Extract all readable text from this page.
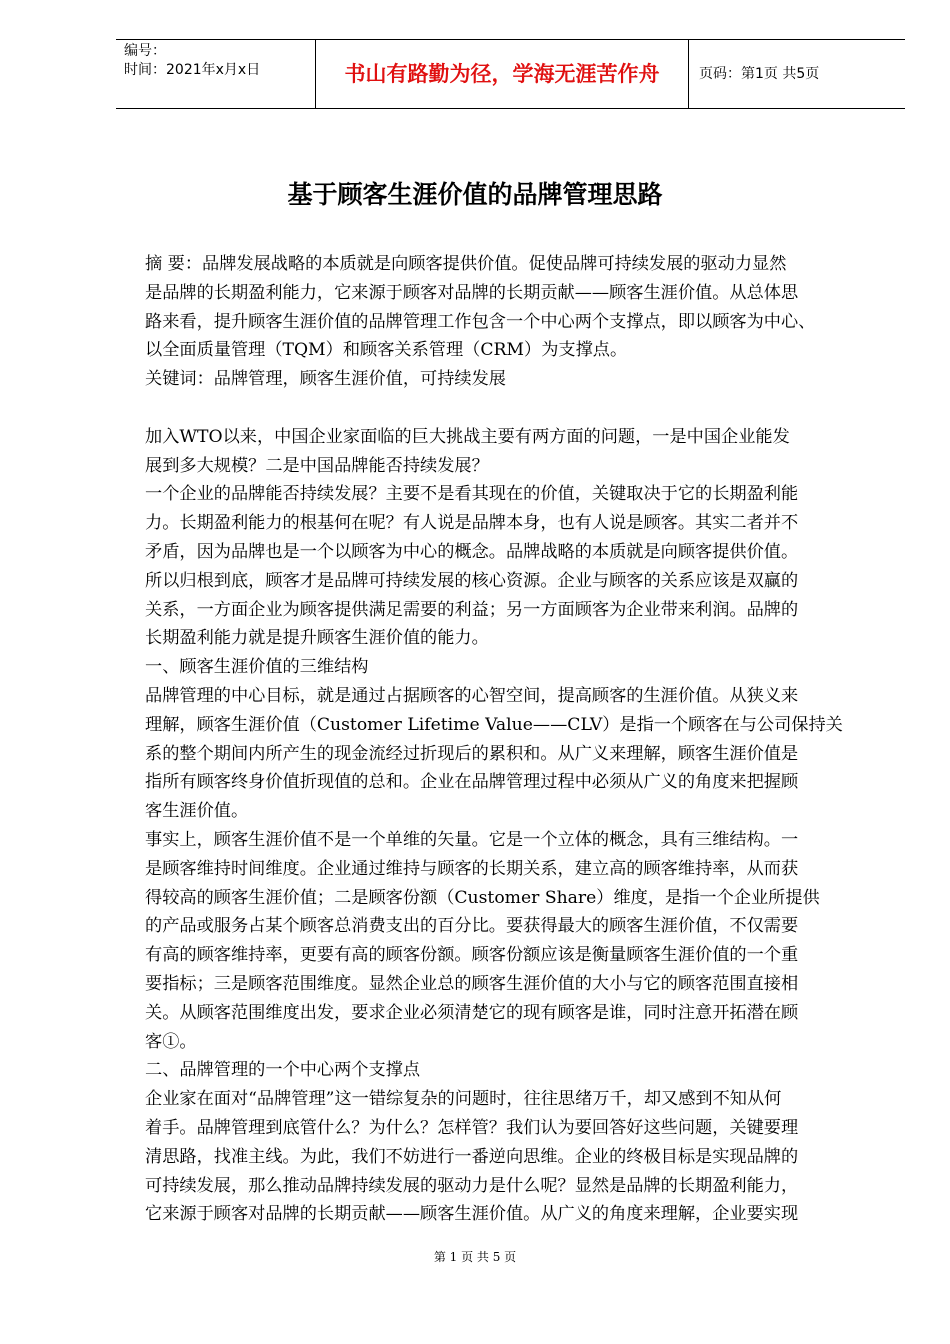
编号：
时间：2021年x月x日	书山有路勤为径，学海无涯苦作舟	页码：第1页 共5页
基于顾客生涯价值的品牌管理思路
摘 要：品牌发展战略的本质就是向顾客提供价值。促使品牌可持续发展的驱动力显然
是品牌的长期盈利能力，它来源于顾客对品牌的长期贡献——顾客生涯价值。从总体思
路来看，提升顾客生涯价值的品牌管理工作包含一个中心两个支撑点，即以顾客为中心、
以全面质量管理（TQM）和顾客关系管理（CRM）为支撑点。
关键词：品牌管理，顾客生涯价值，可持续发展
加入WTO以来，中国企业家面临的巨大挑战主要有两方面的问题，一是中国企业能发
展到多大规模？二是中国品牌能否持续发展？
一个企业的品牌能否持续发展？主要不是看其现在的价值，关键取决于它的长期盈利能
力。长期盈利能力的根基何在呢？有人说是品牌本身，也有人说是顾客。其实二者并不
矛盾，因为品牌也是一个以顾客为中心的概念。品牌战略的本质就是向顾客提供价值。
所以归根到底，顾客才是品牌可持续发展的核心资源。企业与顾客的关系应该是双赢的
关系，一方面企业为顾客提供满足需要的利益；另一方面顾客为企业带来利润。品牌的
长期盈利能力就是提升顾客生涯价值的能力。
一、顾客生涯价值的三维结构
品牌管理的中心目标，就是通过占据顾客的心智空间，提高顾客的生涯价值。从狭义来
理解，顾客生涯价值（Customer Lifetime Value——CLV）是指一个顾客在与公司保持关
系的整个期间内所产生的现金流经过折现后的累积和。从广义来理解，顾客生涯价值是
指所有顾客终身价值折现值的总和。企业在品牌管理过程中必须从广义的角度来把握顾
客生涯价值。
事实上，顾客生涯价值不是一个单维的矢量。它是一个立体的概念，具有三维结构。一
是顾客维持时间维度。企业通过维持与顾客的长期关系，建立高的顾客维持率，从而获
得较高的顾客生涯价值；二是顾客份额（Customer Share）维度，是指一个企业所提供
的产品或服务占某个顾客总消费支出的百分比。要获得最大的顾客生涯价值，不仅需要
有高的顾客维持率，更要有高的顾客份额。顾客份额应该是衡量顾客生涯价值的一个重
要指标；三是顾客范围维度。显然企业总的顾客生涯价值的大小与它的顾客范围直接相
关。从顾客范围维度出发，要求企业必须清楚它的现有顾客是谁，同时注意开拓潜在顾
客①。
二、品牌管理的一个中心两个支撑点
企业家在面对“品牌管理”这一错综复杂的问题时，往往思绪万千，却又感到不知从何
着手。品牌管理到底管什么？为什么？怎样管？我们认为要回答好这些问题，关键要理
清思路，找准主线。为此，我们不妨进行一番逆向思维。企业的终极目标是实现品牌的
可持续发展，那么推动品牌持续发展的驱动力是什么呢？显然是品牌的长期盈利能力，
它来源于顾客对品牌的长期贡献——顾客生涯价值。从广义的角度来理解，企业要实现
第 1 页 共 5 页
